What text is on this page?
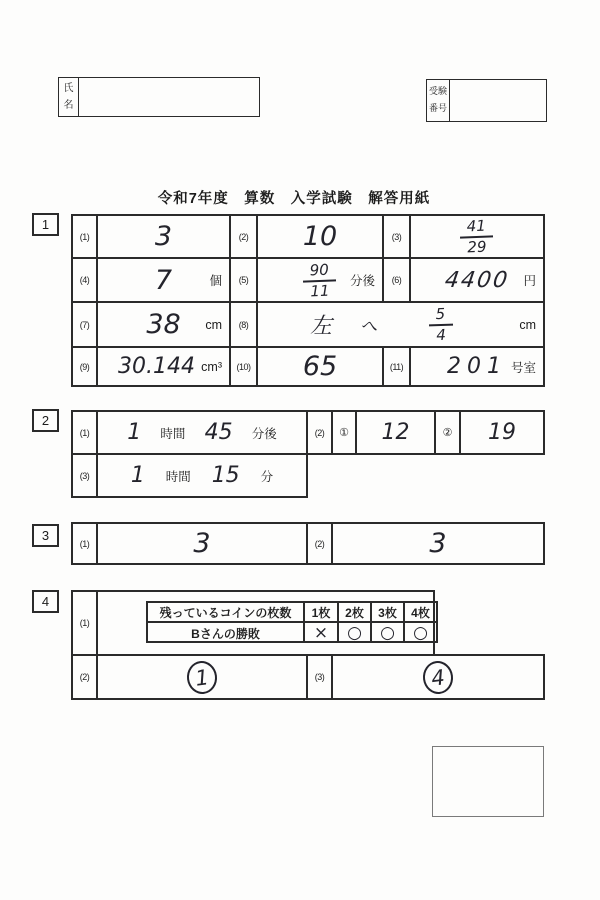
氏名
受験番号
令和7年度　算数　入学試験　解答用紙
1
(1) 3	(2) 10	(3)	$\frac{41}{29}$
(4) 7	個 (5)	$\frac{90}{11}$ 分後 (6) 4400 円
(7) 38 cm (8)	左 へ	$\frac{5}{4}$	cm
(9) 30.144 cm³ (10) 65	(11) 201 号室
2
(1) 1 時間 45 分後	(2) ① 12	② 19
(3) 1 時間 15 分
3
(1)	3	(2)	3
4
(1)
残っているコインの枚数 1枚 2枚 3枚 4枚
Bさんの勝敗	× ○ ○ ○
(2)	1	(3)	4
